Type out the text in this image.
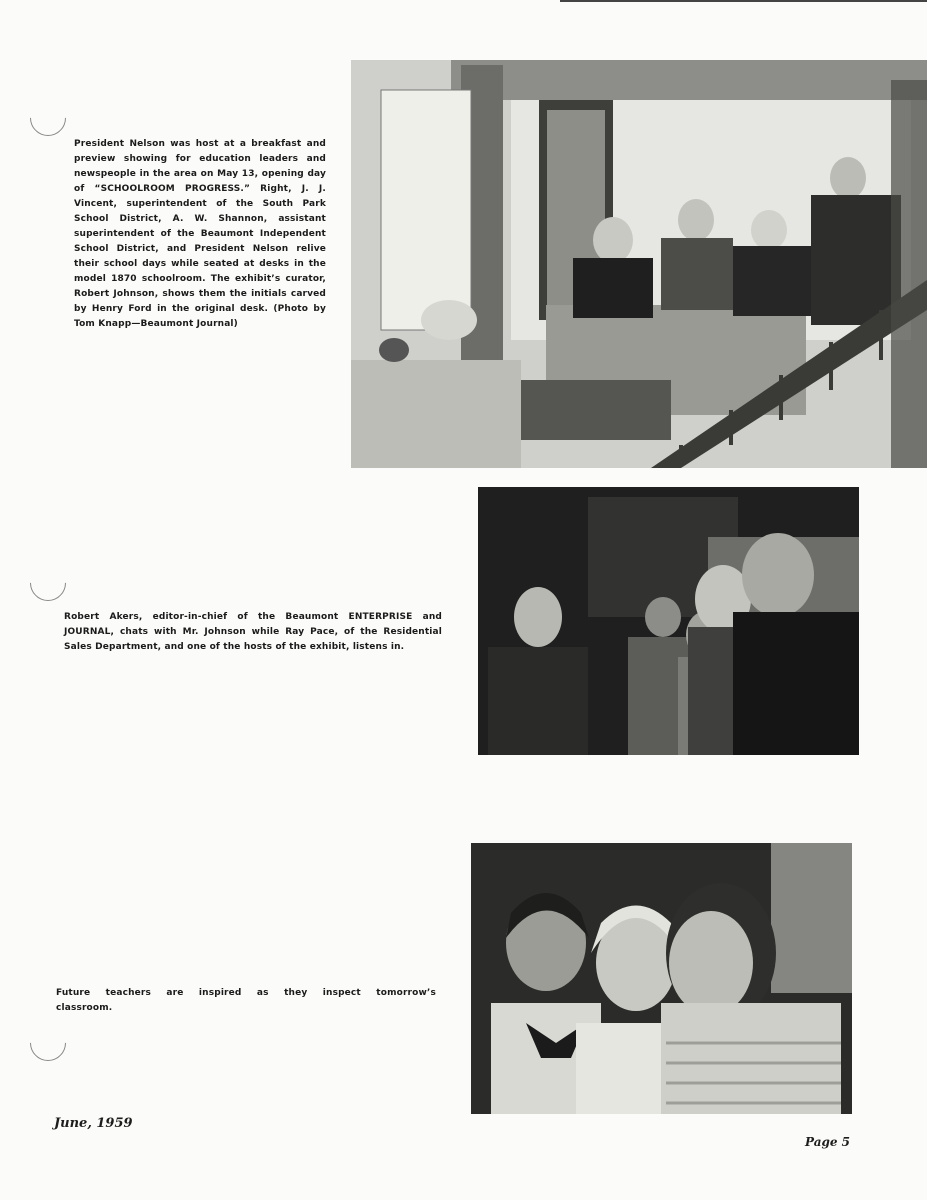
President Nelson was host at a breakfast and preview showing for education leaders and newspeople in the area on May 13, opening day of “SCHOOLROOM PROGRESS.” Right, J. J. Vincent, superintendent of the South Park School District, A. W. Shannon, assistant superintendent of the Beaumont Independent School District, and President Nelson relive their school days while seated at desks in the model 1870 schoolroom. The exhibit’s curator, Robert Johnson, shows them the initials carved by Henry Ford in the original desk. (Photo by Tom Knapp—Beaumont Journal)
Robert Akers, editor-in-chief of the Beaumont ENTERPRISE and JOURNAL, chats with Mr. Johnson while Ray Pace, of the Residential Sales Department, and one of the hosts of the exhibit, listens in.
Future teachers are inspired as they inspect tomorrow’s classroom.
June, 1959
Page 5
